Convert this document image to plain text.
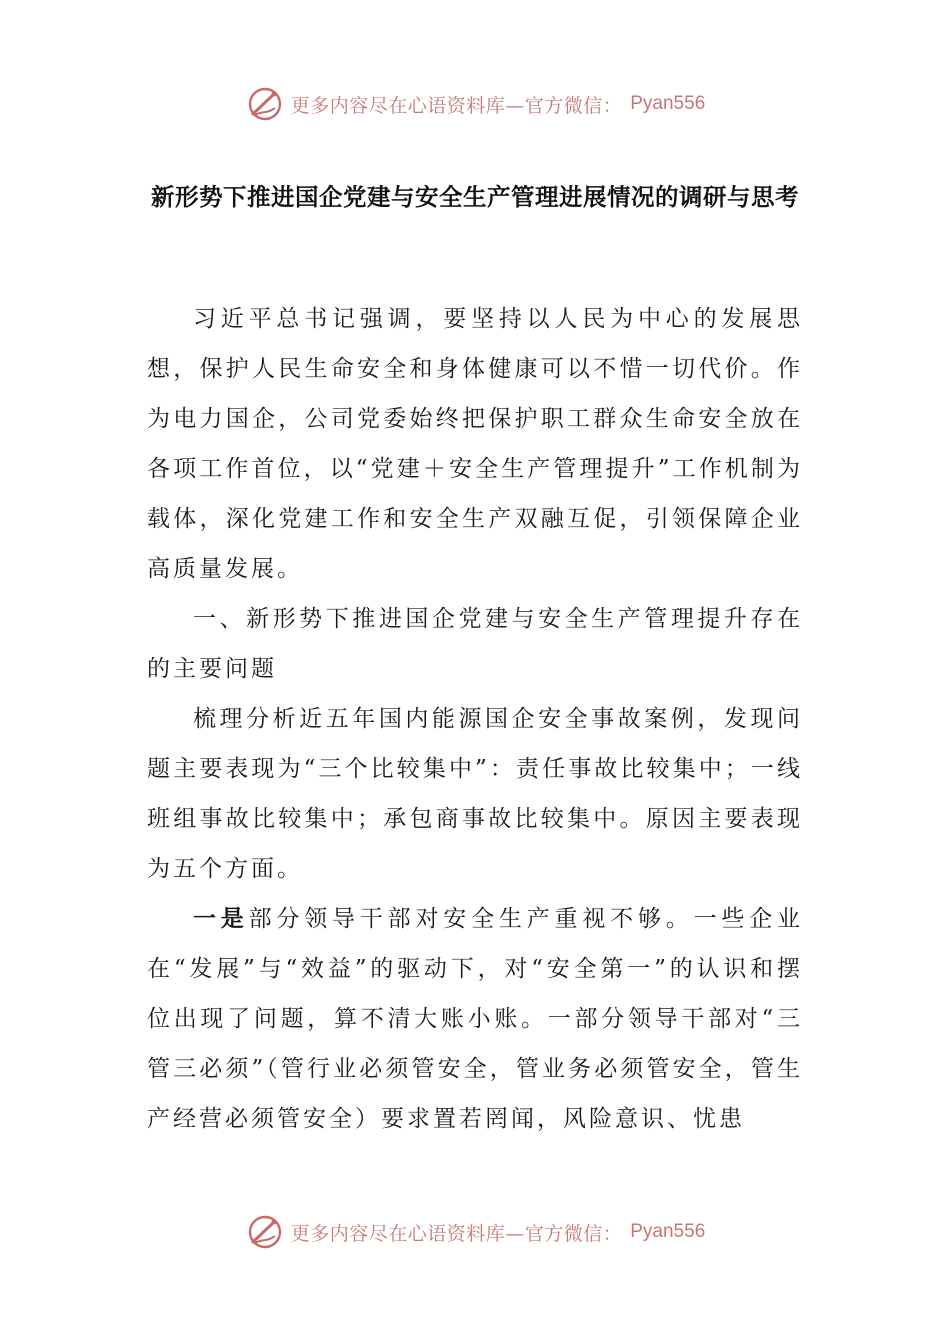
更多内容尽在心语资料库—官方微信： Pyan556
新形势下推进国企党建与安全生产管理进展情况的调研与思考

习近平总书记强调，要坚持以人民为中心的发展思想，保护人民生命安全和身体健康可以不惜一切代价。作为电力国企，公司党委始终把保护职工群众生命安全放在各项工作首位，以“党建＋安全生产管理提升”工作机制为载体，深化党建工作和安全生产双融互促，引领保障企业高质量发展。

一、新形势下推进国企党建与安全生产管理提升存在的主要问题

梳理分析近五年国内能源国企安全事故案例，发现问题主要表现为“三个比较集中”：责任事故比较集中；一线班组事故比较集中；承包商事故比较集中。原因主要表现为五个方面。

一是部分领导干部对安全生产重视不够。一些企业在“发展”与“效益”的驱动下，对“安全第一”的认识和摆位出现了问题，算不清大账小账。一部分领导干部对“三管三必须”（管行业必须管安全，管业务必须管安全，管生产经营必须管安全）要求置若罔闻，风险意识、忧患

更多内容尽在心语资料库—官方微信： Pyan556
